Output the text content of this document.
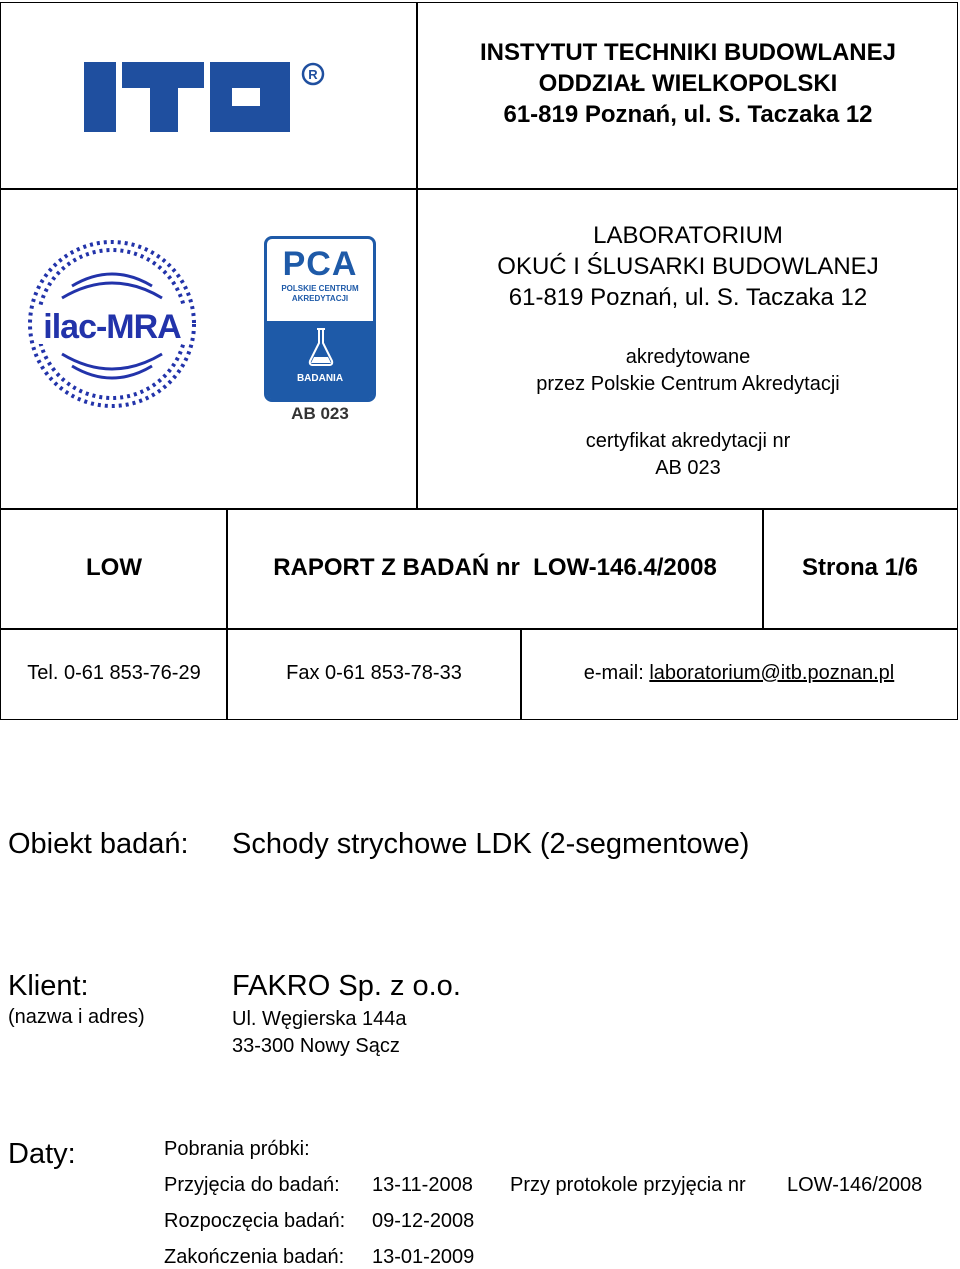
R
INSTYTUT TECHNIKI BUDOWLANEJ
ODDZIAŁ WIELKOPOLSKI
61-819 Poznań, ul. S. Taczaka 12
ilac-MRA
PCA
POLSKIE CENTRUM
AKREDYTACJI
BADANIA
AB 023
LABORATORIUM
OKUĆ I ŚLUSARKI BUDOWLANEJ
61-819 Poznań, ul. S. Taczaka 12
akredytowane
przez Polskie Centrum Akredytacji
certyfikat akredytacji nr
AB 023
LOW	RAPORT Z BADAŃ nr  LOW-146.4/2008	Strona 1/6
Tel. 0-61 853-76-29	Fax 0-61 853-78-33	e-mail: laboratorium@itb.poznan.pl
Obiekt badań: Schody strychowe LDK (2-segmentowe)
Klient:
(nazwa i adres)
FAKRO Sp. z o.o.
Ul. Węgierska 144a
33-300 Nowy Sącz
Daty:	Pobrania próbki:
Przyjęcia do badań: 13-11-2008 Przy protokole przyjęcia nr LOW-146/2008
Rozpoczęcia badań: 09-12-2008
Zakończenia badań: 13-01-2009
